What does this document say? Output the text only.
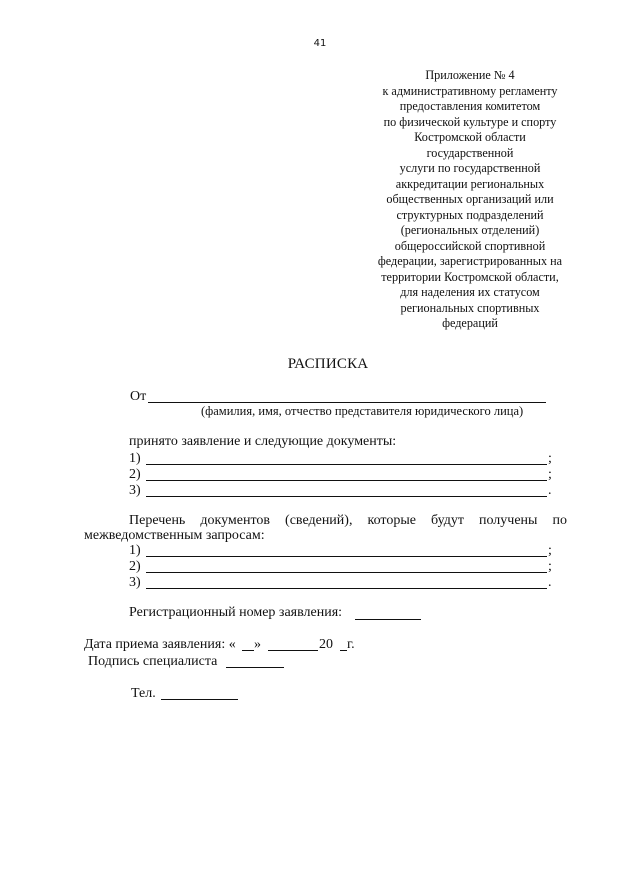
41
Приложение № 4
к административному регламенту
предоставления комитетом
по физической культуре и спорту
Костромской области
государственной
услуги по государственной
аккредитации региональных
общественных организаций или
структурных подразделений
(региональных отделений)
общероссийской спортивной
федерации, зарегистрированных на
территории Костромской области,
для наделения их статусом
региональных спортивных
федераций
РАСПИСКА
От
(фамилия, имя, отчество представителя юридического лица)
принято заявление и следующие документы:
1)	;
2)	;
3)	.
Перечень документов (сведений), которые будут получены по
межведомственным запросам:
1)	;
2)	;
3)	.
Регистрационный номер заявления:
Дата приема заявления: « »	20 г.
Подпись специалиста
Тел.
